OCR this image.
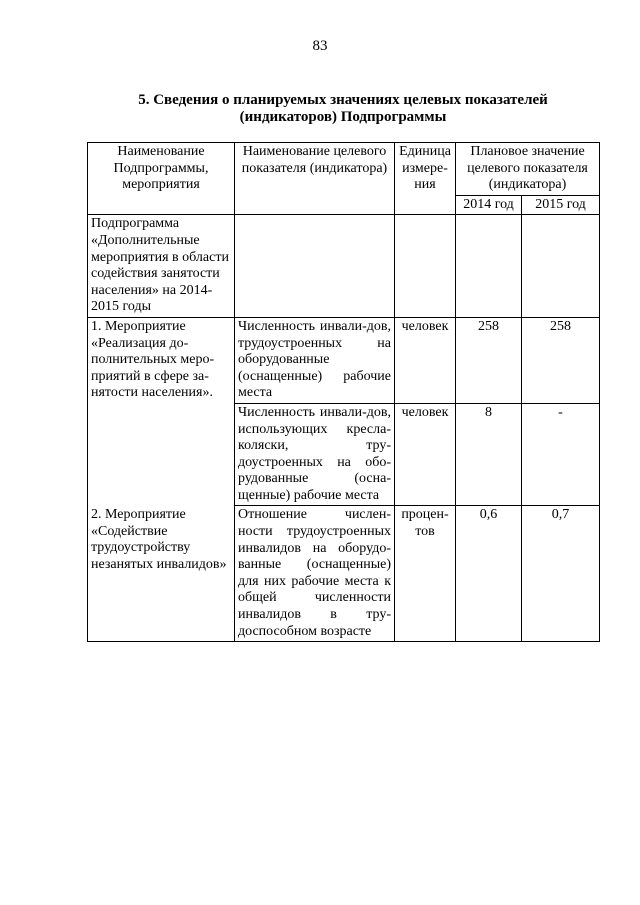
83
5. Сведения о планируемых значениях целевых показателей
(индикаторов) Подпрограммы
Наименование Подпрограммы, мероприятия	Наименование целевого показателя (индикатора)	Единица измере-ния	Плановое значение целевого показателя (индикатора)	
			2014 год	2015 год
Подпрограмма «Дополнительные мероприятия в области содействия занятости населения» на 2014-2015 годы				
1. Мероприятие «Реализация до-полнительных меро-приятий в сфере за-нятости населения».	Численность инвали-дов, трудоустроенных на оборудованные (оснащенные) рабочие места	человек	258	258
	Численность инвали-дов, использующих кресла-коляски, тру-доустроенных на обо-рудованные (осна-щенные) рабочие места	человек	8	-
2. Мероприятие «Содействие трудоустройству незанятых инвалидов»	Отношение числен-ности трудоустроенных инвалидов на оборудо-ванные (оснащенные) для них рабочие места к общей численности инвалидов в тру-доспособном возрасте	процен-тов	0,6	0,7
